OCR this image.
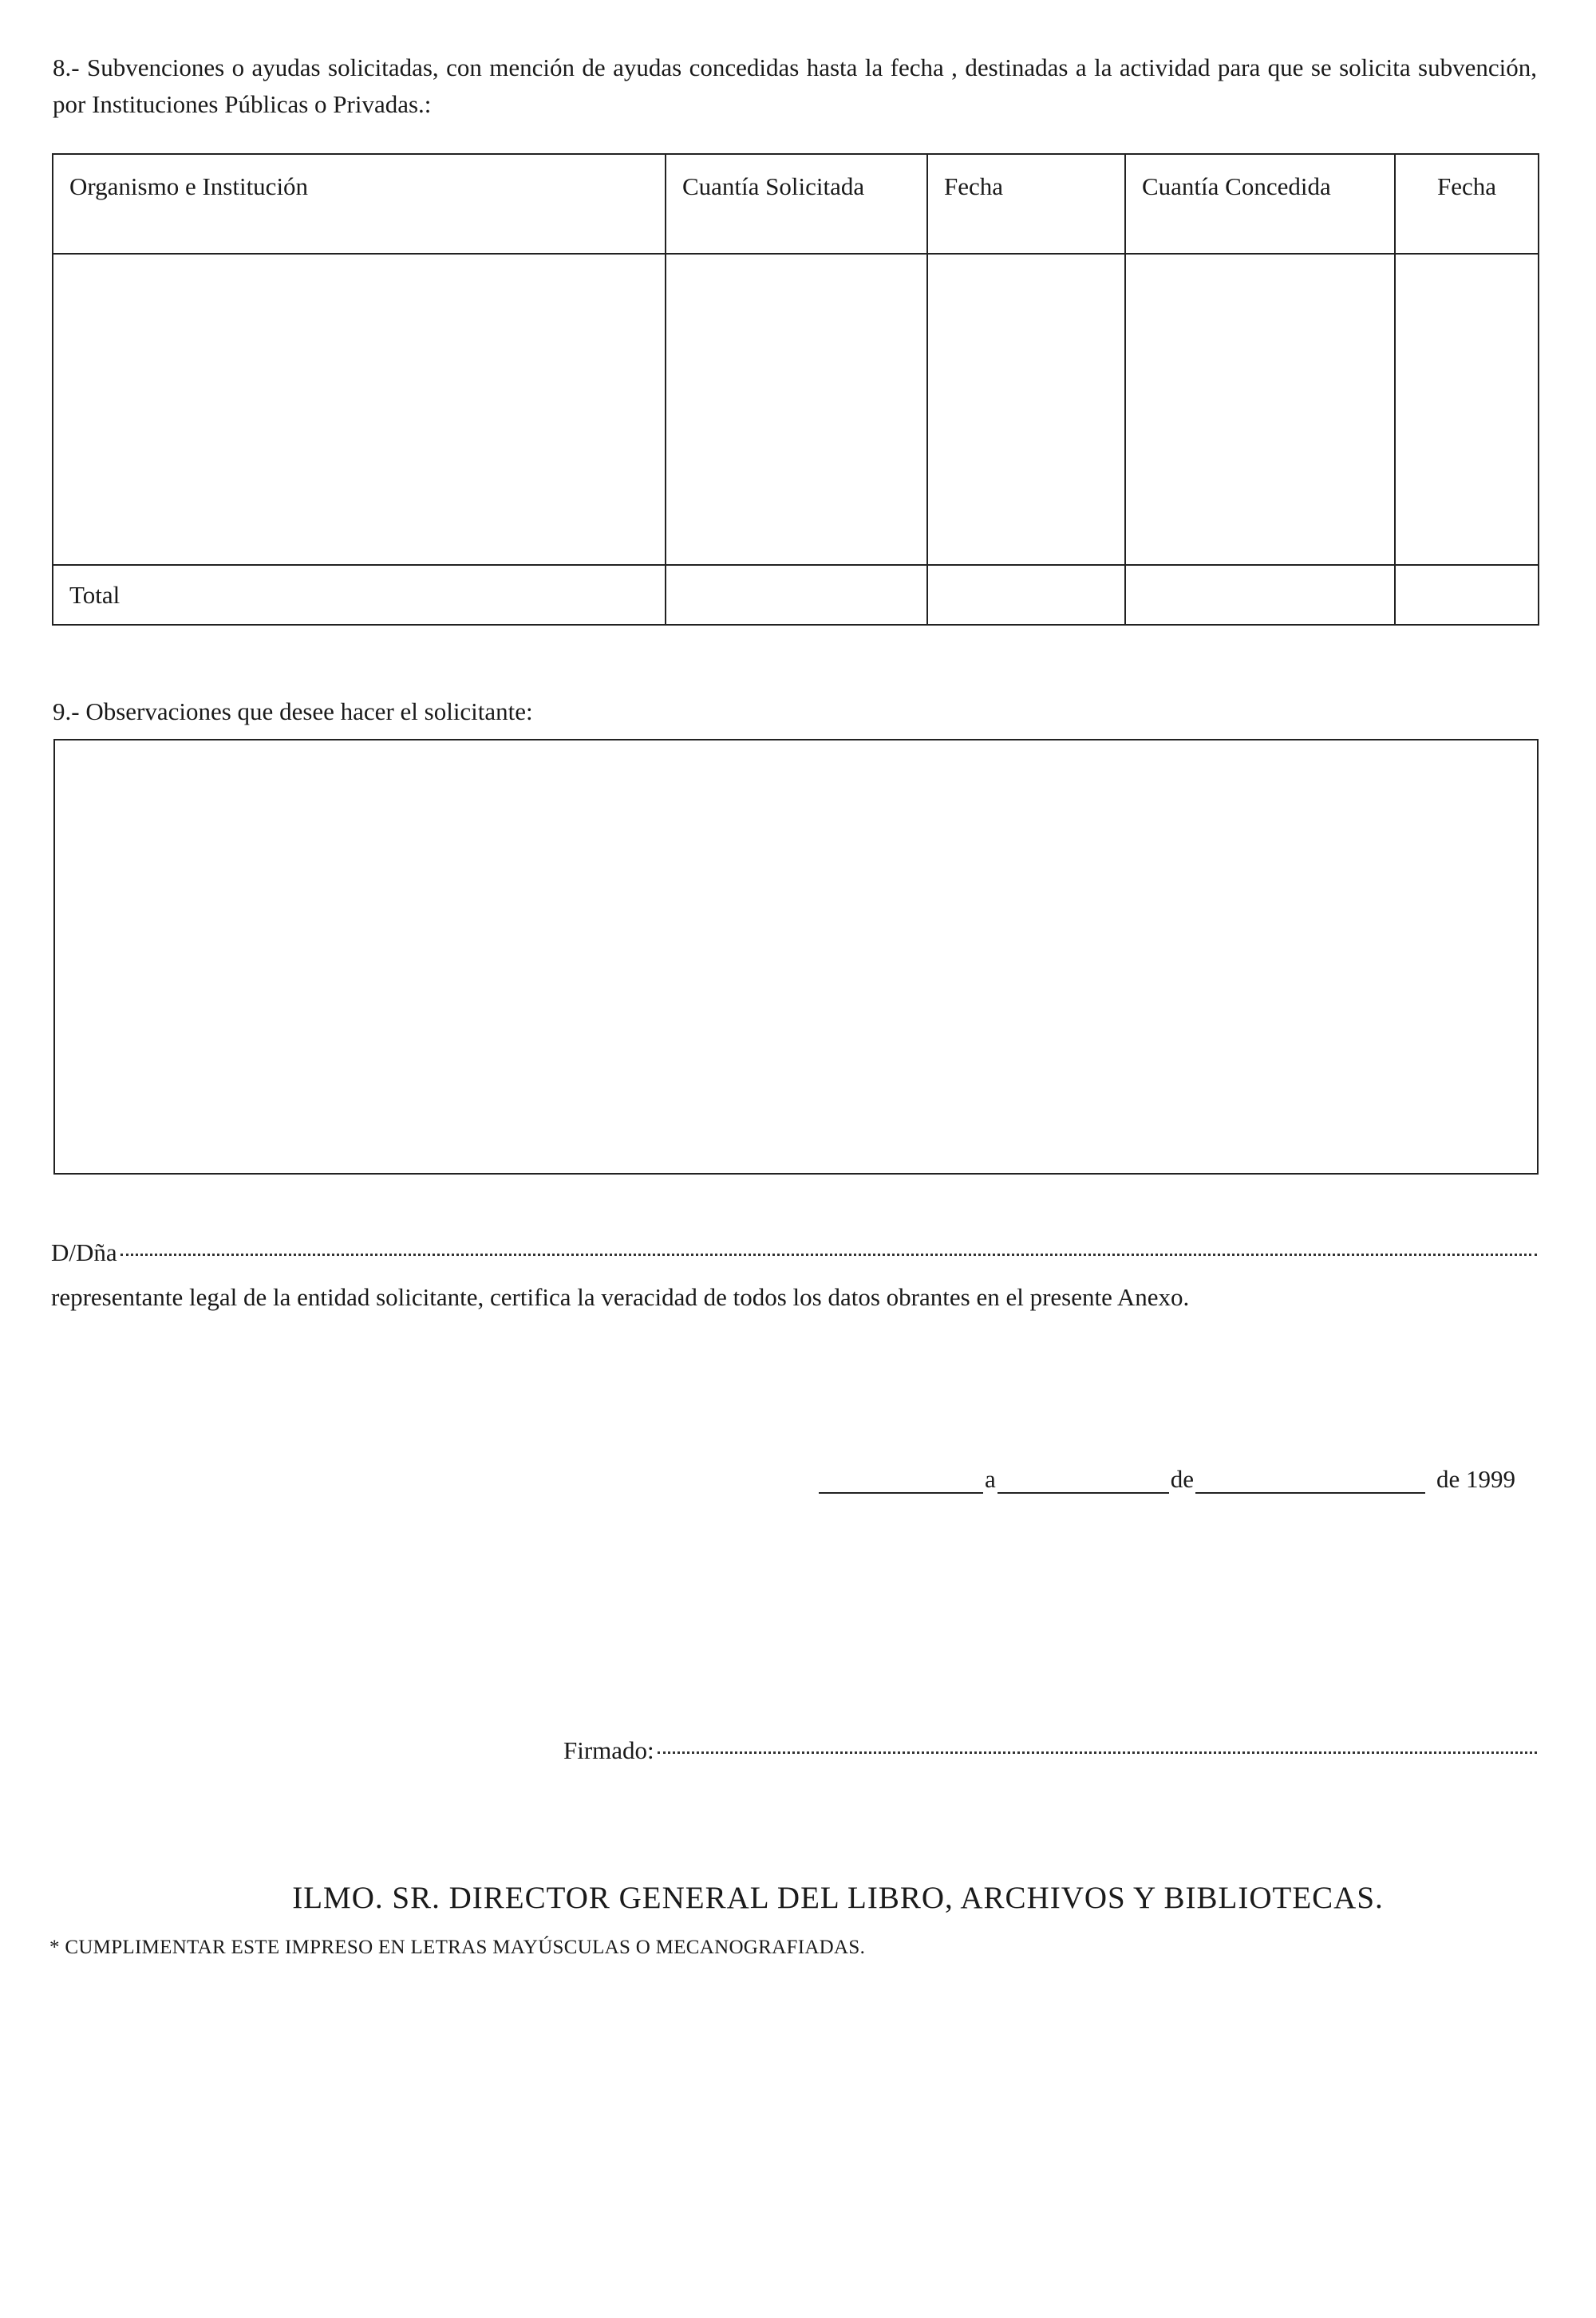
8.- Subvenciones o ayudas solicitadas, con mención de ayudas concedidas hasta la fecha , destinadas a la actividad para que se solicita subvención, por Instituciones Públicas o Privadas.:
Organismo e Institución	Cuantía Solicitada	Fecha	Cuantía Concedida	Fecha

Total				
9.- Observaciones que desee hacer el solicitante:
D/Dña
representante legal de la entidad solicitante, certifica la veracidad de todos los datos obrantes en el presente Anexo.
a	de	de 1999
Firmado:
ILMO. SR. DIRECTOR GENERAL DEL LIBRO, ARCHIVOS Y BIBLIOTECAS.
* CUMPLIMENTAR ESTE IMPRESO EN LETRAS MAYÚSCULAS O MECANOGRAFIADAS.
